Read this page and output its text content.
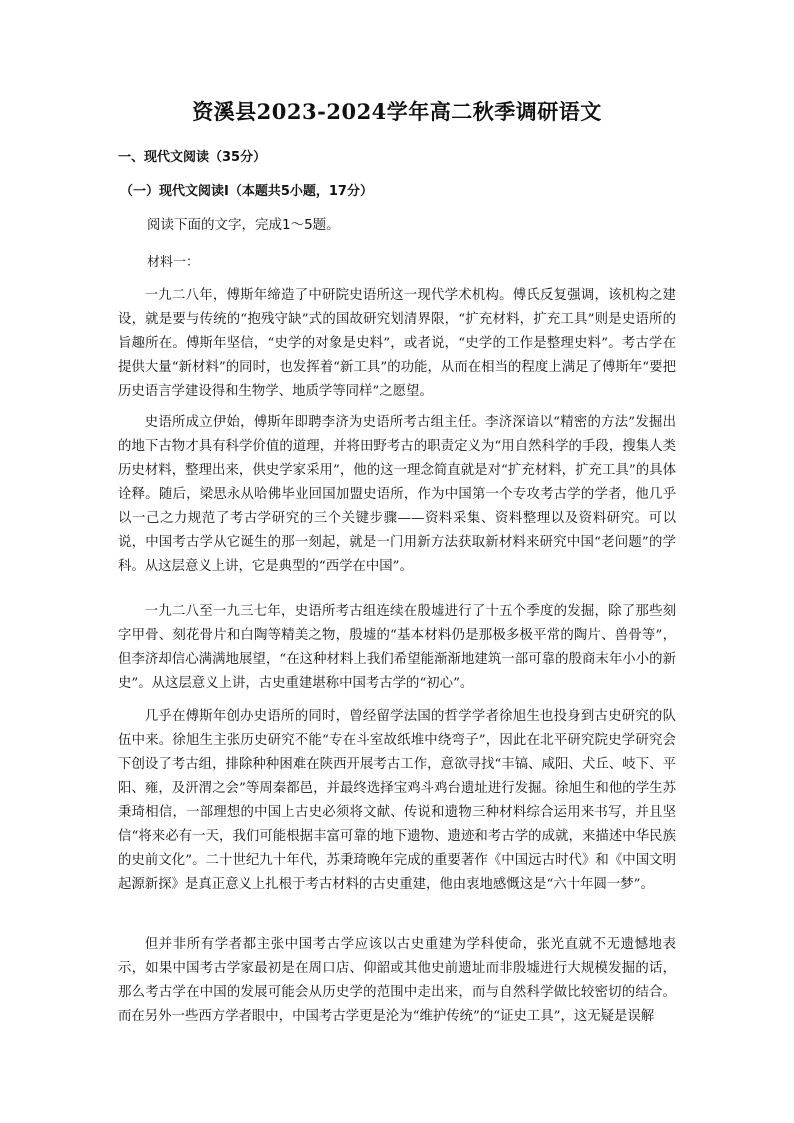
资溪县2023-2024学年高二秋季调研语文
一、现代文阅读（35分）
（一）现代文阅读Ⅰ（本题共5小题，17分）
阅读下面的文字，完成1～5题。
材料一：

一九二八年，傅斯年缔造了中研院史语所这一现代学术机构。傅氏反复强调，该机构之建设，就是要与传统的“抱残守缺”式的国故研究划清界限，“扩充材料，扩充工具”则是史语所的旨趣所在。傅斯年坚信，“史学的对象是史料”，或者说，“史学的工作是整理史料”。考古学在提供大量“新材料”的同时，也发挥着“新工具”的功能，从而在相当的程度上满足了傅斯年“要把历史语言学建设得和生物学、地质学等同样”之愿望。

史语所成立伊始，傅斯年即聘李济为史语所考古组主任。李济深谙以“精密的方法”发掘出的地下古物才具有科学价值的道理，并将田野考古的职责定义为“用自然科学的手段，搜集人类历史材料，整理出来，供史学家采用”，他的这一理念简直就是对“扩充材料，扩充工具”的具体诠释。随后，梁思永从哈佛毕业回国加盟史语所，作为中国第一个专攻考古学的学者，他几乎以一己之力规范了考古学研究的三个关键步骤——资料采集、资料整理以及资料研究。可以说，中国考古学从它诞生的那一刻起，就是一门用新方法获取新材料来研究中国“老问题”的学科。从这层意义上讲，它是典型的“西学在中国”。

一九二八至一九三七年，史语所考古组连续在殷墟进行了十五个季度的发掘，除了那些刻字甲骨、刻花骨片和白陶等精美之物，殷墟的“基本材料仍是那极多极平常的陶片、兽骨等”，但李济却信心满满地展望，“在这种材料上我们希望能渐渐地建筑一部可靠的殷商末年小小的新史”。从这层意义上讲，古史重建堪称中国考古学的“初心”。

几乎在傅斯年创办史语所的同时，曾经留学法国的哲学学者徐旭生也投身到古史研究的队伍中来。徐旭生主张历史研究不能“专在斗室故纸堆中绕弯子”，因此在北平研究院史学研究会下创设了考古组，排除种种困难在陕西开展考古工作，意欲寻找“丰镐、咸阳、犬丘、岐下、平阳、雍，及汧渭之会”等周秦都邑，并最终选择宝鸡斗鸡台遗址进行发掘。徐旭生和他的学生苏秉琦相信，一部理想的中国上古史必须将文献、传说和遗物三种材料综合运用来书写，并且坚信“将来必有一天，我们可能根据丰富可靠的地下遗物、遗迹和考古学的成就，来描述中华民族的史前文化”。二十世纪九十年代，苏秉琦晚年完成的重要著作《中国远古时代》和《中国文明起源新探》是真正意义上扎根于考古材料的古史重建，他由衷地感慨这是“六十年圆一梦”。

但并非所有学者都主张中国考古学应该以古史重建为学科使命，张光直就不无遗憾地表示，如果中国考古学家最初是在周口店、仰韶或其他史前遗址而非殷墟进行大规模发掘的话，那么考古学在中国的发展可能会从历史学的范围中走出来，而与自然科学做比较密切的结合。而在另外一些西方学者眼中，中国考古学更是沦为“维护传统”的“证史工具”，这无疑是误解
